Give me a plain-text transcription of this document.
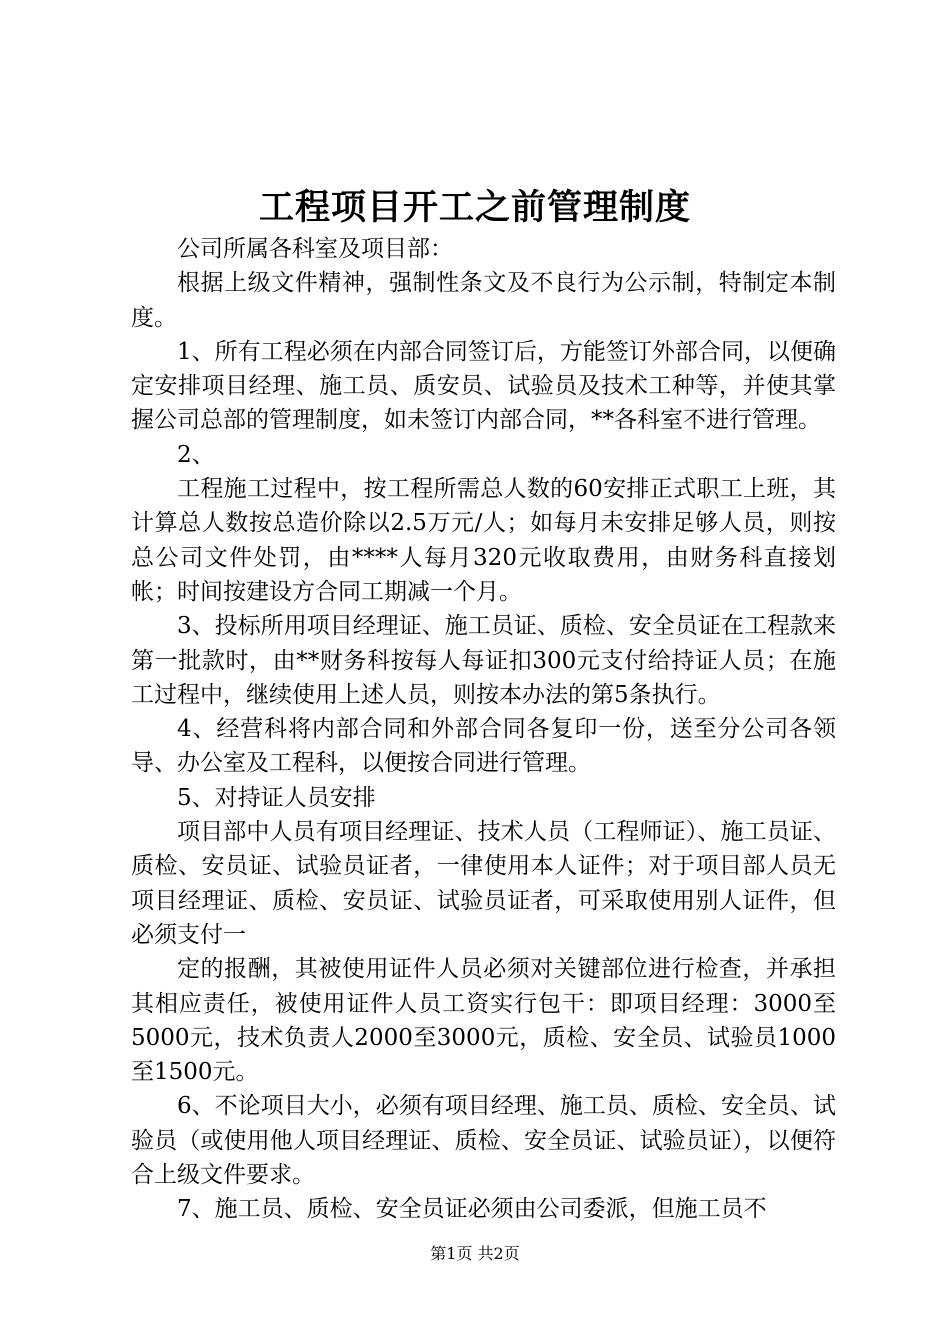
工程项目开工之前管理制度

公司所属各科室及项目部：

根据上级文件精神，强制性条文及不良行为公示制，特制定本制度。

1、所有工程必须在内部合同签订后，方能签订外部合同，以便确定安排项目经理、施工员、质安员、试验员及技术工种等，并使其掌握公司总部的管理制度，如未签订内部合同，**各科室不进行管理。

2、

工程施工过程中，按工程所需总人数的60安排正式职工上班，其计算总人数按总造价除以2.5万元/人；如每月未安排足够人员，则按总公司文件处罚，由****人每月320元收取费用，由财务科直接划帐；时间按建设方合同工期减一个月。

3、投标所用项目经理证、施工员证、质检、安全员证在工程款来第一批款时，由**财务科按每人每证扣300元支付给持证人员；在施工过程中，继续使用上述人员，则按本办法的第5条执行。

4、经营科将内部合同和外部合同各复印一份，送至分公司各领导、办公室及工程科，以便按合同进行管理。

5、对持证人员安排

项目部中人员有项目经理证、技术人员（工程师证）、施工员证、质检、安员证、试验员证者，一律使用本人证件；对于项目部人员无项目经理证、质检、安员证、试验员证者，可采取使用别人证件，但必须支付一

定的报酬，其被使用证件人员必须对关键部位进行检查，并承担其相应责任，被使用证件人员工资实行包干：即项目经理：3000至5000元，技术负责人2000至3000元，质检、安全员、试验员1000至1500元。

6、不论项目大小，必须有项目经理、施工员、质检、安全员、试验员（或使用他人项目经理证、质检、安全员证、试验员证），以便符合上级文件要求。

7、施工员、质检、安全员证必须由公司委派，但施工员不

第1页 共2页
